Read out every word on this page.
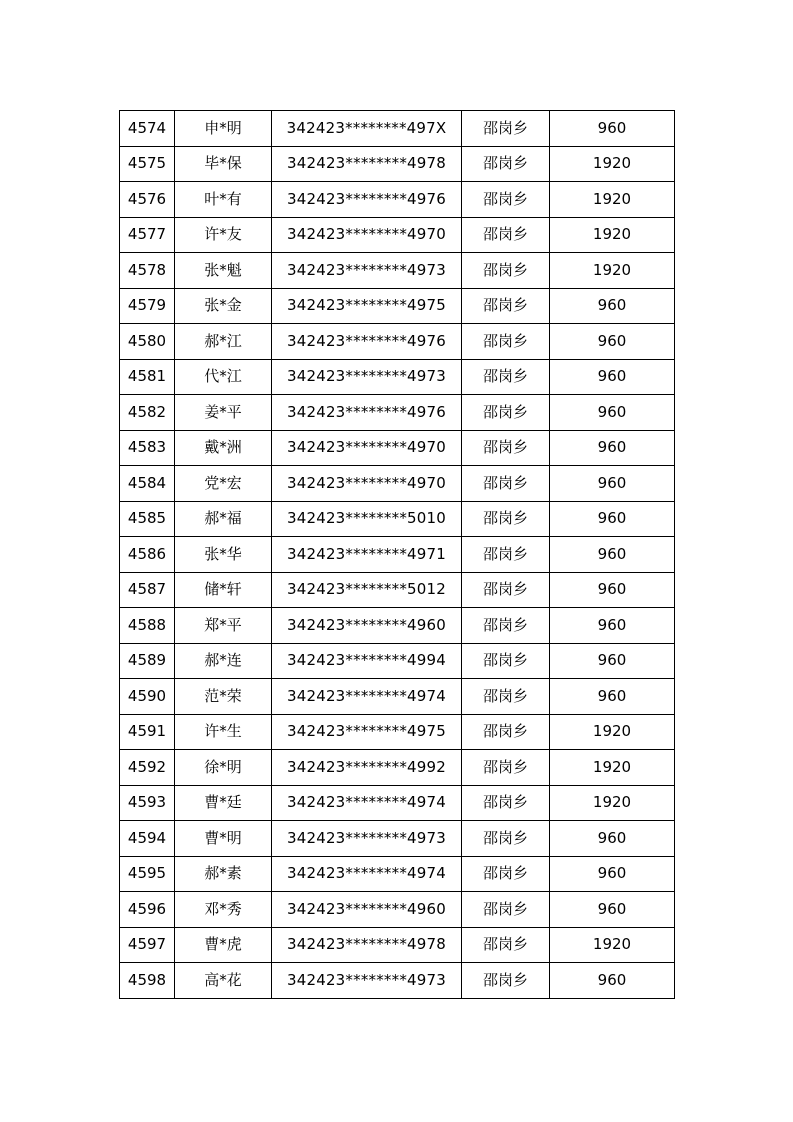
4574	申*明	342423********497X	邵岗乡	960
4575	毕*保	342423********4978	邵岗乡	1920
4576	叶*有	342423********4976	邵岗乡	1920
4577	许*友	342423********4970	邵岗乡	1920
4578	张*魁	342423********4973	邵岗乡	1920
4579	张*金	342423********4975	邵岗乡	960
4580	郝*江	342423********4976	邵岗乡	960
4581	代*江	342423********4973	邵岗乡	960
4582	姜*平	342423********4976	邵岗乡	960
4583	戴*洲	342423********4970	邵岗乡	960
4584	党*宏	342423********4970	邵岗乡	960
4585	郝*福	342423********5010	邵岗乡	960
4586	张*华	342423********4971	邵岗乡	960
4587	储*轩	342423********5012	邵岗乡	960
4588	郑*平	342423********4960	邵岗乡	960
4589	郝*连	342423********4994	邵岗乡	960
4590	范*荣	342423********4974	邵岗乡	960
4591	许*生	342423********4975	邵岗乡	1920
4592	徐*明	342423********4992	邵岗乡	1920
4593	曹*廷	342423********4974	邵岗乡	1920
4594	曹*明	342423********4973	邵岗乡	960
4595	郝*素	342423********4974	邵岗乡	960
4596	邓*秀	342423********4960	邵岗乡	960
4597	曹*虎	342423********4978	邵岗乡	1920
4598	高*花	342423********4973	邵岗乡	960
